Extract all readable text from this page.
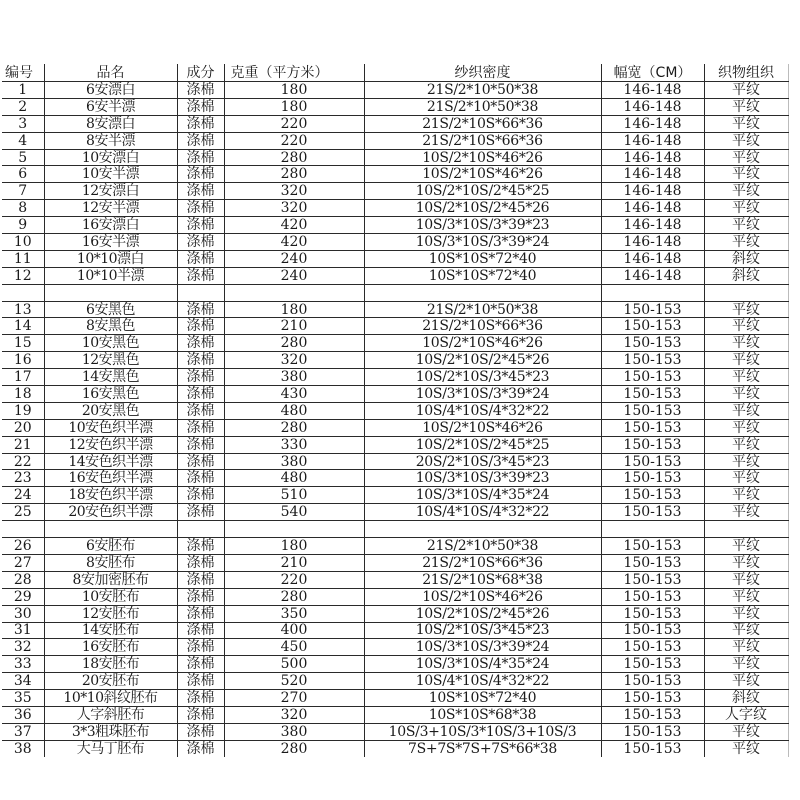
编号	品名	成分	克重（平方米）	纱织密度	幅宽（CM）	织物组织
1	6安漂白	涤棉	180	21S/2*10*50*38	146-148	平纹
2	6安半漂	涤棉	180	21S/2*10*50*38	146-148	平纹
3	8安漂白	涤棉	220	21S/2*10S*66*36	146-148	平纹
4	8安半漂	涤棉	220	21S/2*10S*66*36	146-148	平纹
5	10安漂白	涤棉	280	10S/2*10S*46*26	146-148	平纹
6	10安半漂	涤棉	280	10S/2*10S*46*26	146-148	平纹
7	12安漂白	涤棉	320	10S/2*10S/2*45*25	146-148	平纹
8	12安半漂	涤棉	320	10S/2*10S/2*45*26	146-148	平纹
9	16安漂白	涤棉	420	10S/3*10S/3*39*23	146-148	平纹
10	16安半漂	涤棉	420	10S/3*10S/3*39*24	146-148	平纹
11	10*10漂白	涤棉	240	10S*10S*72*40	146-148	斜纹
12	10*10半漂	涤棉	240	10S*10S*72*40	146-148	斜纹

13	6安黑色	涤棉	180	21S/2*10*50*38	150-153	平纹
14	8安黑色	涤棉	210	21S/2*10S*66*36	150-153	平纹
15	10安黑色	涤棉	280	10S/2*10S*46*26	150-153	平纹
16	12安黑色	涤棉	320	10S/2*10S/2*45*26	150-153	平纹
17	14安黑色	涤棉	380	10S/2*10S/3*45*23	150-153	平纹
18	16安黑色	涤棉	430	10S/3*10S/3*39*24	150-153	平纹
19	20安黑色	涤棉	480	10S/4*10S/4*32*22	150-153	平纹
20	10安色织半漂	涤棉	280	10S/2*10S*46*26	150-153	平纹
21	12安色织半漂	涤棉	330	10S/2*10S/2*45*25	150-153	平纹
22	14安色织半漂	涤棉	380	20S/2*10S/3*45*23	150-153	平纹
23	16安色织半漂	涤棉	480	10S/3*10S/3*39*23	150-153	平纹
24	18安色织半漂	涤棉	510	10S/3*10S/4*35*24	150-153	平纹
25	20安色织半漂	涤棉	540	10S/4*10S/4*32*22	150-153	平纹

26	6安胚布	涤棉	180	21S/2*10*50*38	150-153	平纹
27	8安胚布	涤棉	210	21S/2*10S*66*36	150-153	平纹
28	8安加密胚布	涤棉	220	21S/2*10S*68*38	150-153	平纹
29	10安胚布	涤棉	280	10S/2*10S*46*26	150-153	平纹
30	12安胚布	涤棉	350	10S/2*10S/2*45*26	150-153	平纹
31	14安胚布	涤棉	400	10S/2*10S/3*45*23	150-153	平纹
32	16安胚布	涤棉	450	10S/3*10S/3*39*24	150-153	平纹
33	18安胚布	涤棉	500	10S/3*10S/4*35*24	150-153	平纹
34	20安胚布	涤棉	520	10S/4*10S/4*32*22	150-153	平纹
35	10*10斜纹胚布	涤棉	270	10S*10S*72*40	150-153	斜纹
36	人字斜胚布	涤棉	320	10S*10S*68*38	150-153	人字纹
37	3*3粗珠胚布	涤棉	380	10S/3+10S/3*10S/3+10S/3	150-153	平纹
38	大马丁胚布	涤棉	280	7S+7S*7S+7S*66*38	150-153	平纹
